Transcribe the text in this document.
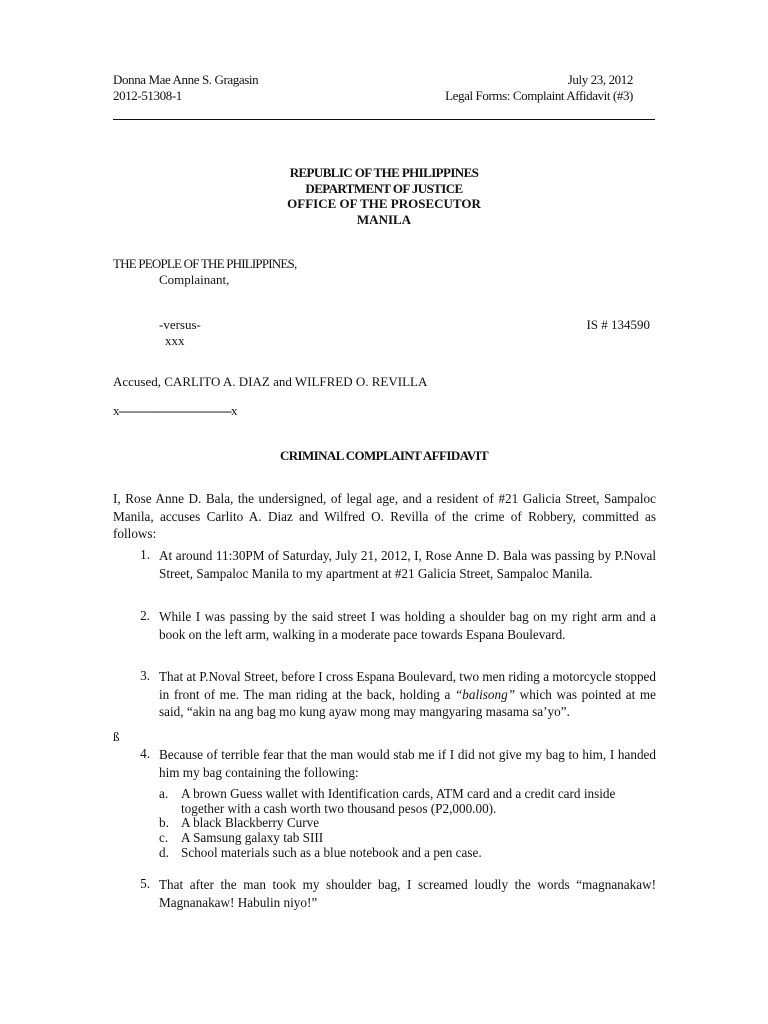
Donna Mae Anne S. Gragasin
2012-51308-1
July 23, 2012
Legal Forms: Complaint Affidavit (#3)
REPUBLIC OF THE PHILIPPINES
DEPARTMENT OF JUSTICE
OFFICE OF THE PROSECUTOR
MANILA
THE PEOPLE OF THE PHILIPPINES,
Complainant,
-versus-
xxx
IS # 134590
Accused, CARLITO A. DIAZ and WILFRED O. REVILLA
x------------------------------------x
CRIMINAL COMPLAINT AFFIDAVIT
I, Rose Anne D. Bala, the undersigned, of legal age, and a resident of #21 Galicia Street, Sampaloc Manila, accuses Carlito A. Diaz and Wilfred O. Revilla of the crime of Robbery, committed as follows:
1. At around 11:30PM of Saturday, July 21, 2012, I, Rose Anne D. Bala was passing by P.Noval Street, Sampaloc Manila to my apartment at #21 Galicia Street, Sampaloc Manila.
2. While I was passing by the said street I was holding a shoulder bag on my right arm and a book on the left arm, walking in a moderate pace towards Espana Boulevard.
3. That at P.Noval Street, before I cross Espana Boulevard, two men riding a motorcycle stopped in front of me. The man riding at the back, holding a “balisong” which was pointed at me said, “akin na ang bag mo kung ayaw mong may mangyaring masama sa’yo”.
ß
4. Because of terrible fear that the man would stab me if I did not give my bag to him, I handed him my bag containing the following:
a. A brown Guess wallet with Identification cards, ATM card and a credit card inside together with a cash worth two thousand pesos (P2,000.00).
b. A black Blackberry Curve
c. A Samsung galaxy tab SIII
d. School materials such as a blue notebook and a pen case.
5. That after the man took my shoulder bag, I screamed loudly the words “magnanakaw! Magnanakaw! Habulin niyo!”
